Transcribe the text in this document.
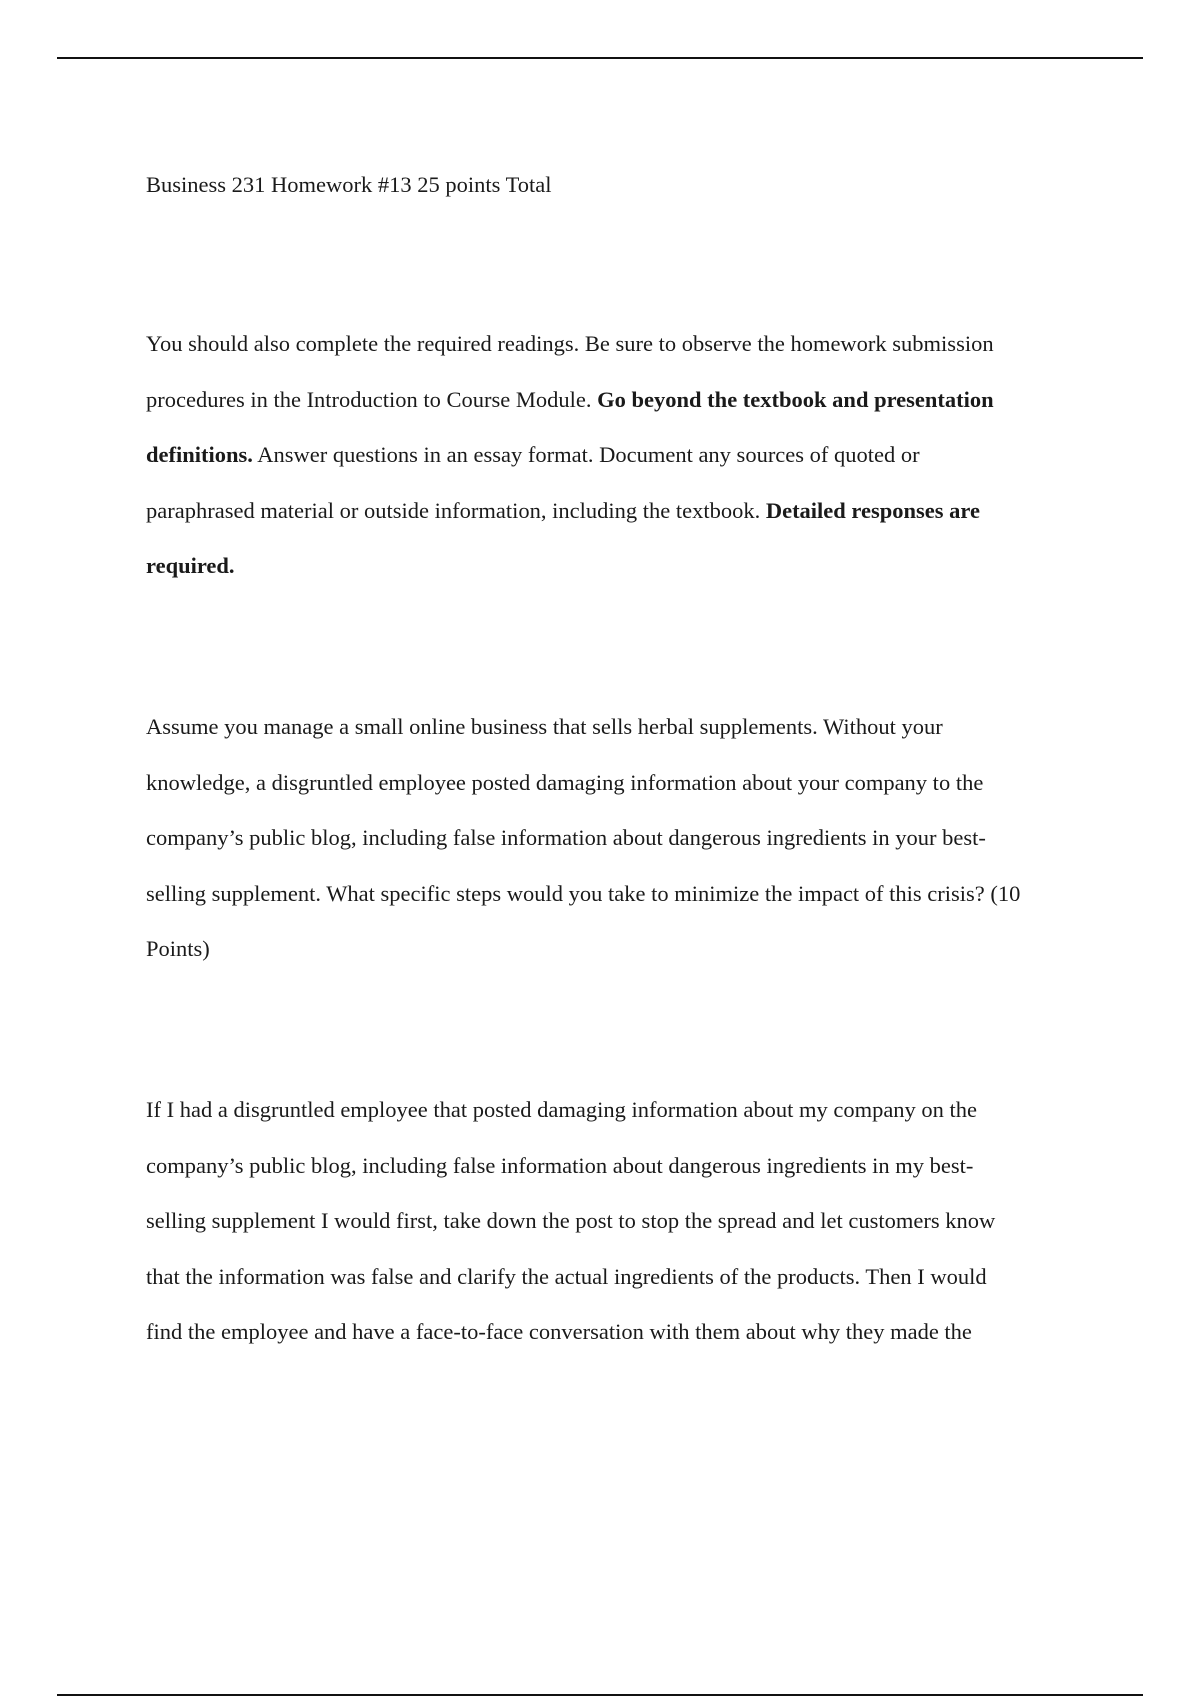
Business 231 Homework #13 25 points Total
You should also complete the required readings. Be sure to observe the homework submission
procedures in the Introduction to Course Module. Go beyond the textbook and presentation
definitions. Answer questions in an essay format. Document any sources of quoted or
paraphrased material or outside information, including the textbook. Detailed responses are
required.
Assume you manage a small online business that sells herbal supplements. Without your
knowledge, a disgruntled employee posted damaging information about your company to the
company’s public blog, including false information about dangerous ingredients in your best-
selling supplement. What specific steps would you take to minimize the impact of this crisis? (10
Points)
If I had a disgruntled employee that posted damaging information about my company on the
company’s public blog, including false information about dangerous ingredients in my best-
selling supplement I would first, take down the post to stop the spread and let customers know
that the information was false and clarify the actual ingredients of the products. Then I would
find the employee and have a face-to-face conversation with them about why they made the
